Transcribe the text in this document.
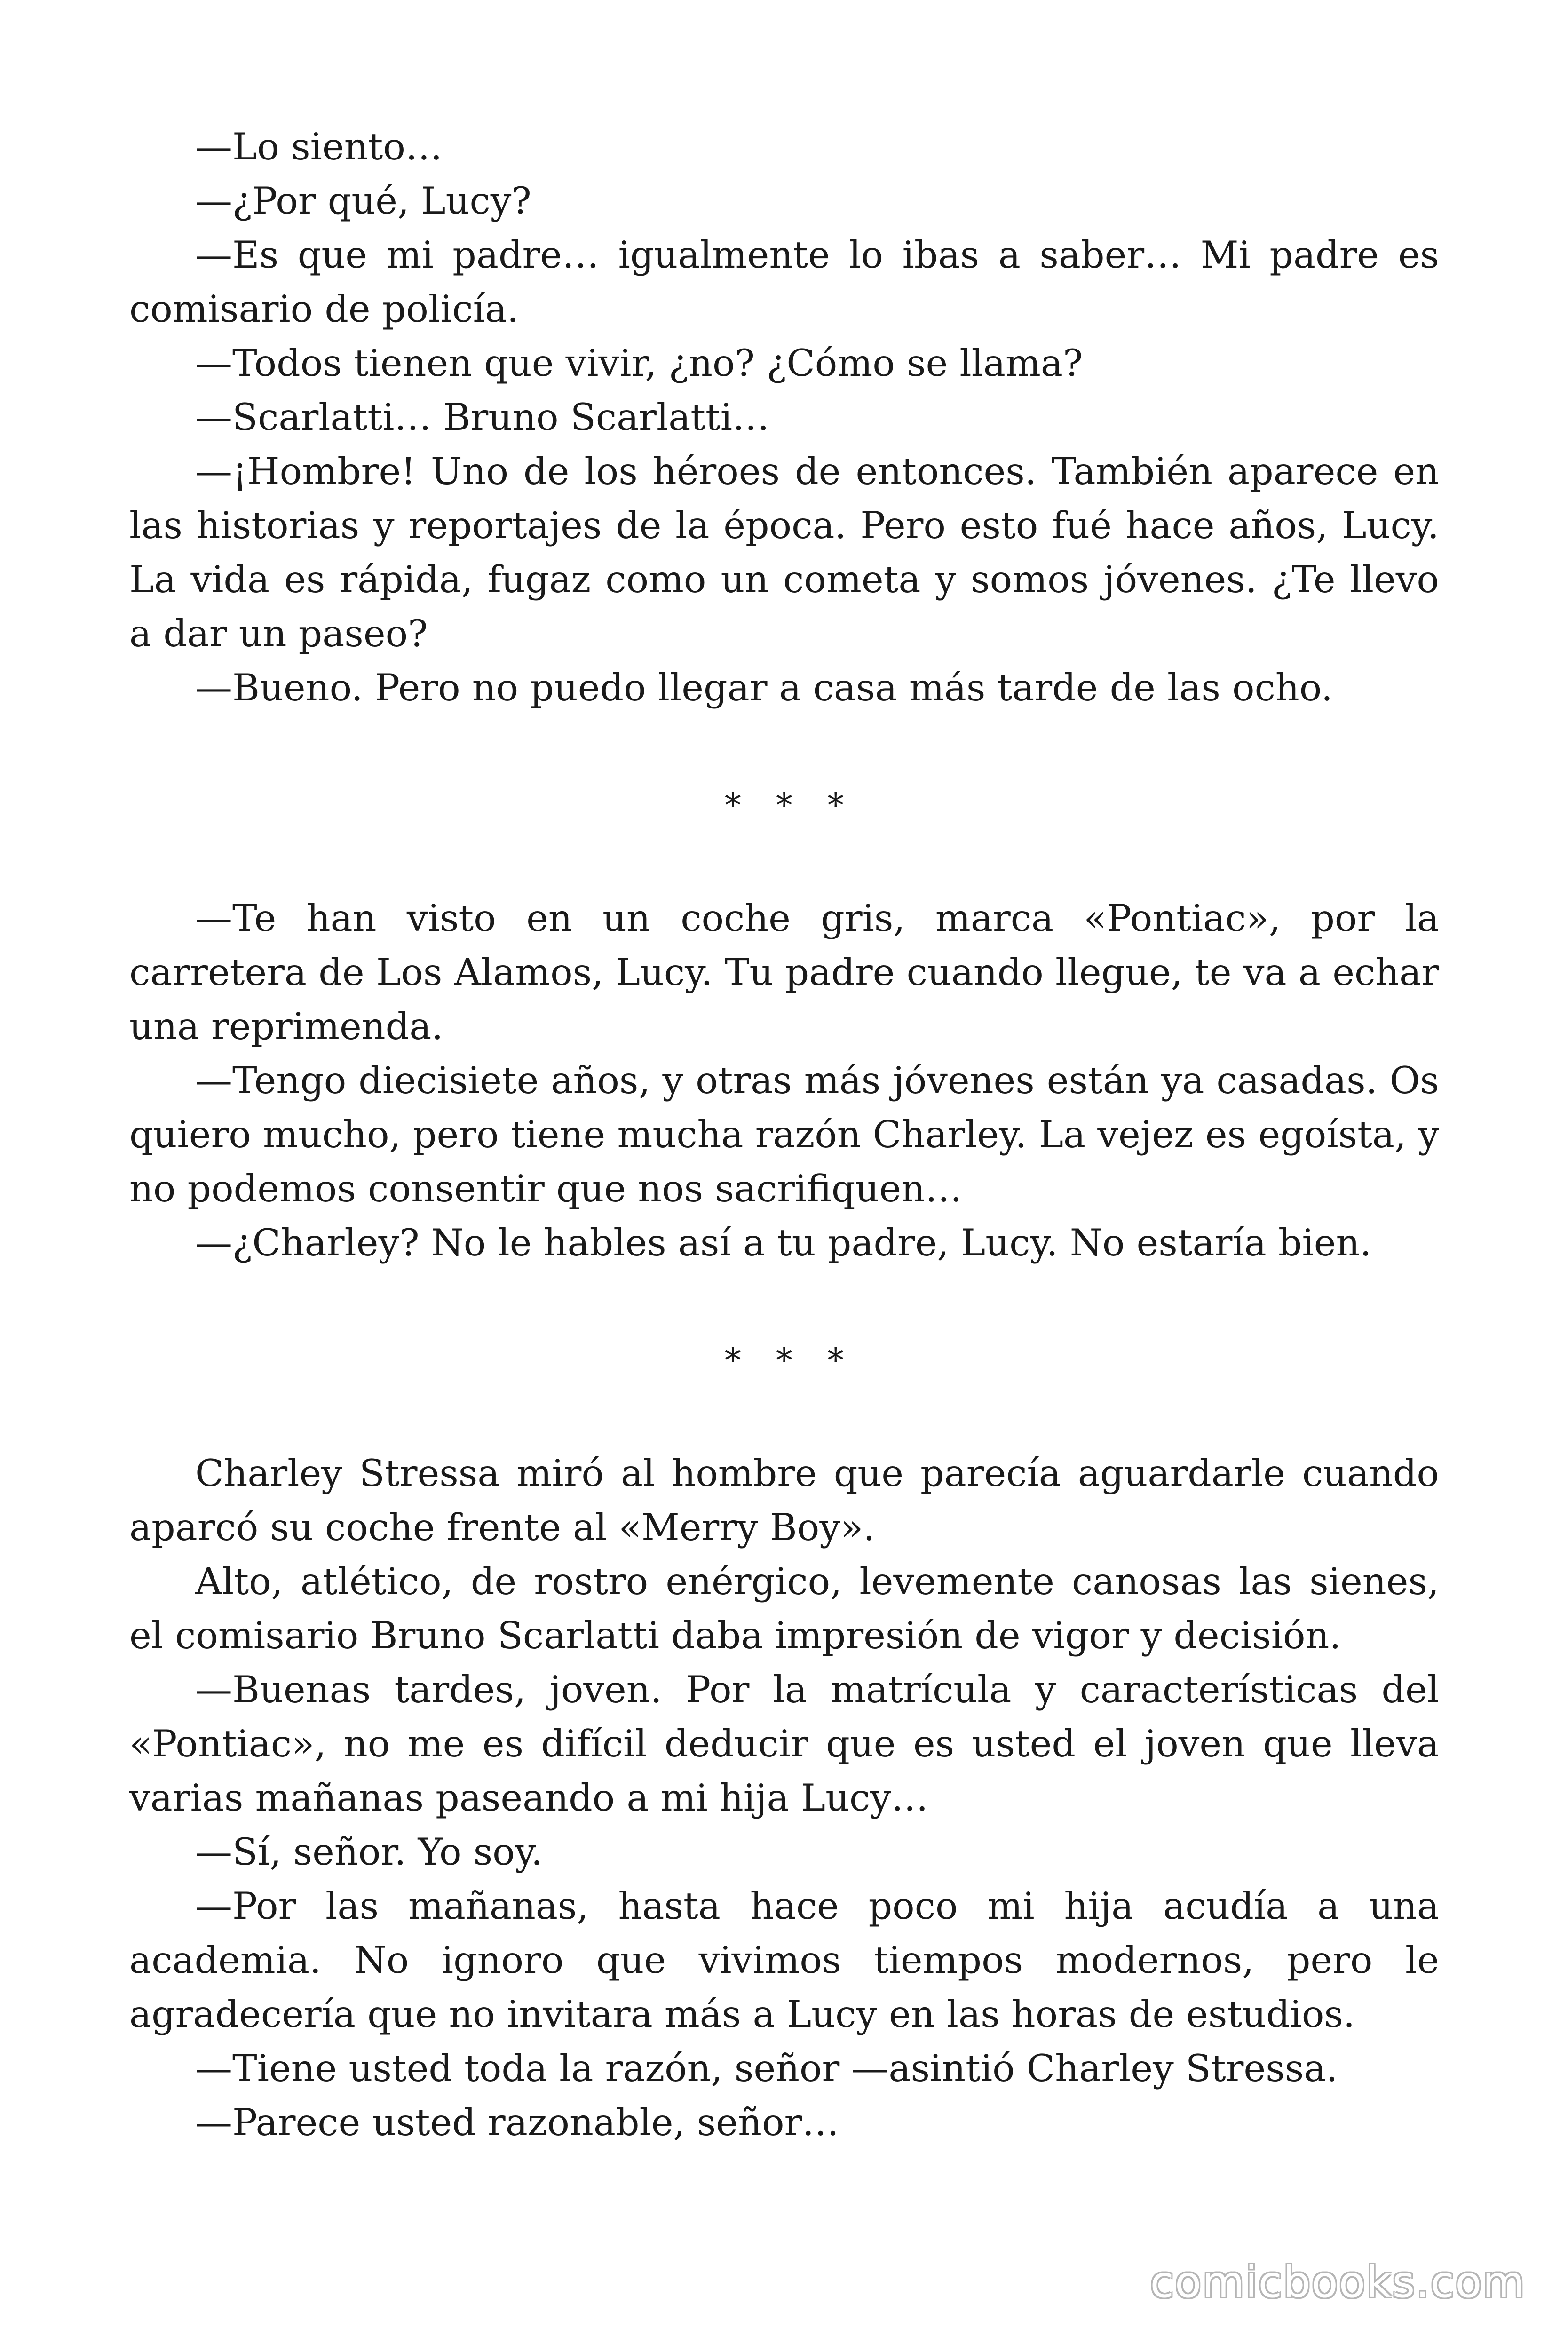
—Lo siento…

—¿Por qué, Lucy?

—Es que mi padre… igualmente lo ibas a saber… Mi padre es comisario de policía.

—Todos tienen que vivir, ¿no? ¿Cómo se llama?

—Scarlatti… Bruno Scarlatti…

—¡Hombre! Uno de los héroes de entonces. También aparece en las historias y reportajes de la época. Pero esto fué hace años, Lucy. La vida es rápida, fugaz como un cometa y somos jóvenes. ¿Te llevo a dar un paseo?

—Bueno. Pero no puedo llegar a casa más tarde de las ocho.

* * *

—Te han visto en un coche gris, marca «Pontiac», por la carretera de Los Alamos, Lucy. Tu padre cuando llegue, te va a echar una reprimenda.

—Tengo diecisiete años, y otras más jóvenes están ya casadas. Os quiero mucho, pero tiene mucha razón Charley. La vejez es egoísta, y no podemos consentir que nos sacrifiquen…

—¿Charley? No le hables así a tu padre, Lucy. No estaría bien.

* * *

Charley Stressa miró al hombre que parecía aguardarle cuando aparcó su coche frente al «Merry Boy».

Alto, atlético, de rostro enérgico, levemente canosas las sienes, el comisario Bruno Scarlatti daba impresión de vigor y decisión.

—Buenas tardes, joven. Por la matrícula y características del «Pontiac», no me es difícil deducir que es usted el joven que lleva varias mañanas paseando a mi hija Lucy…

—Sí, señor. Yo soy.

—Por las mañanas, hasta hace poco mi hija acudía a una academia. No ignoro que vivimos tiempos modernos, pero le agradecería que no invitara más a Lucy en las horas de estudios.

—Tiene usted toda la razón, señor —asintió Charley Stressa.

—Parece usted razonable, señor…

comicbooks.com
